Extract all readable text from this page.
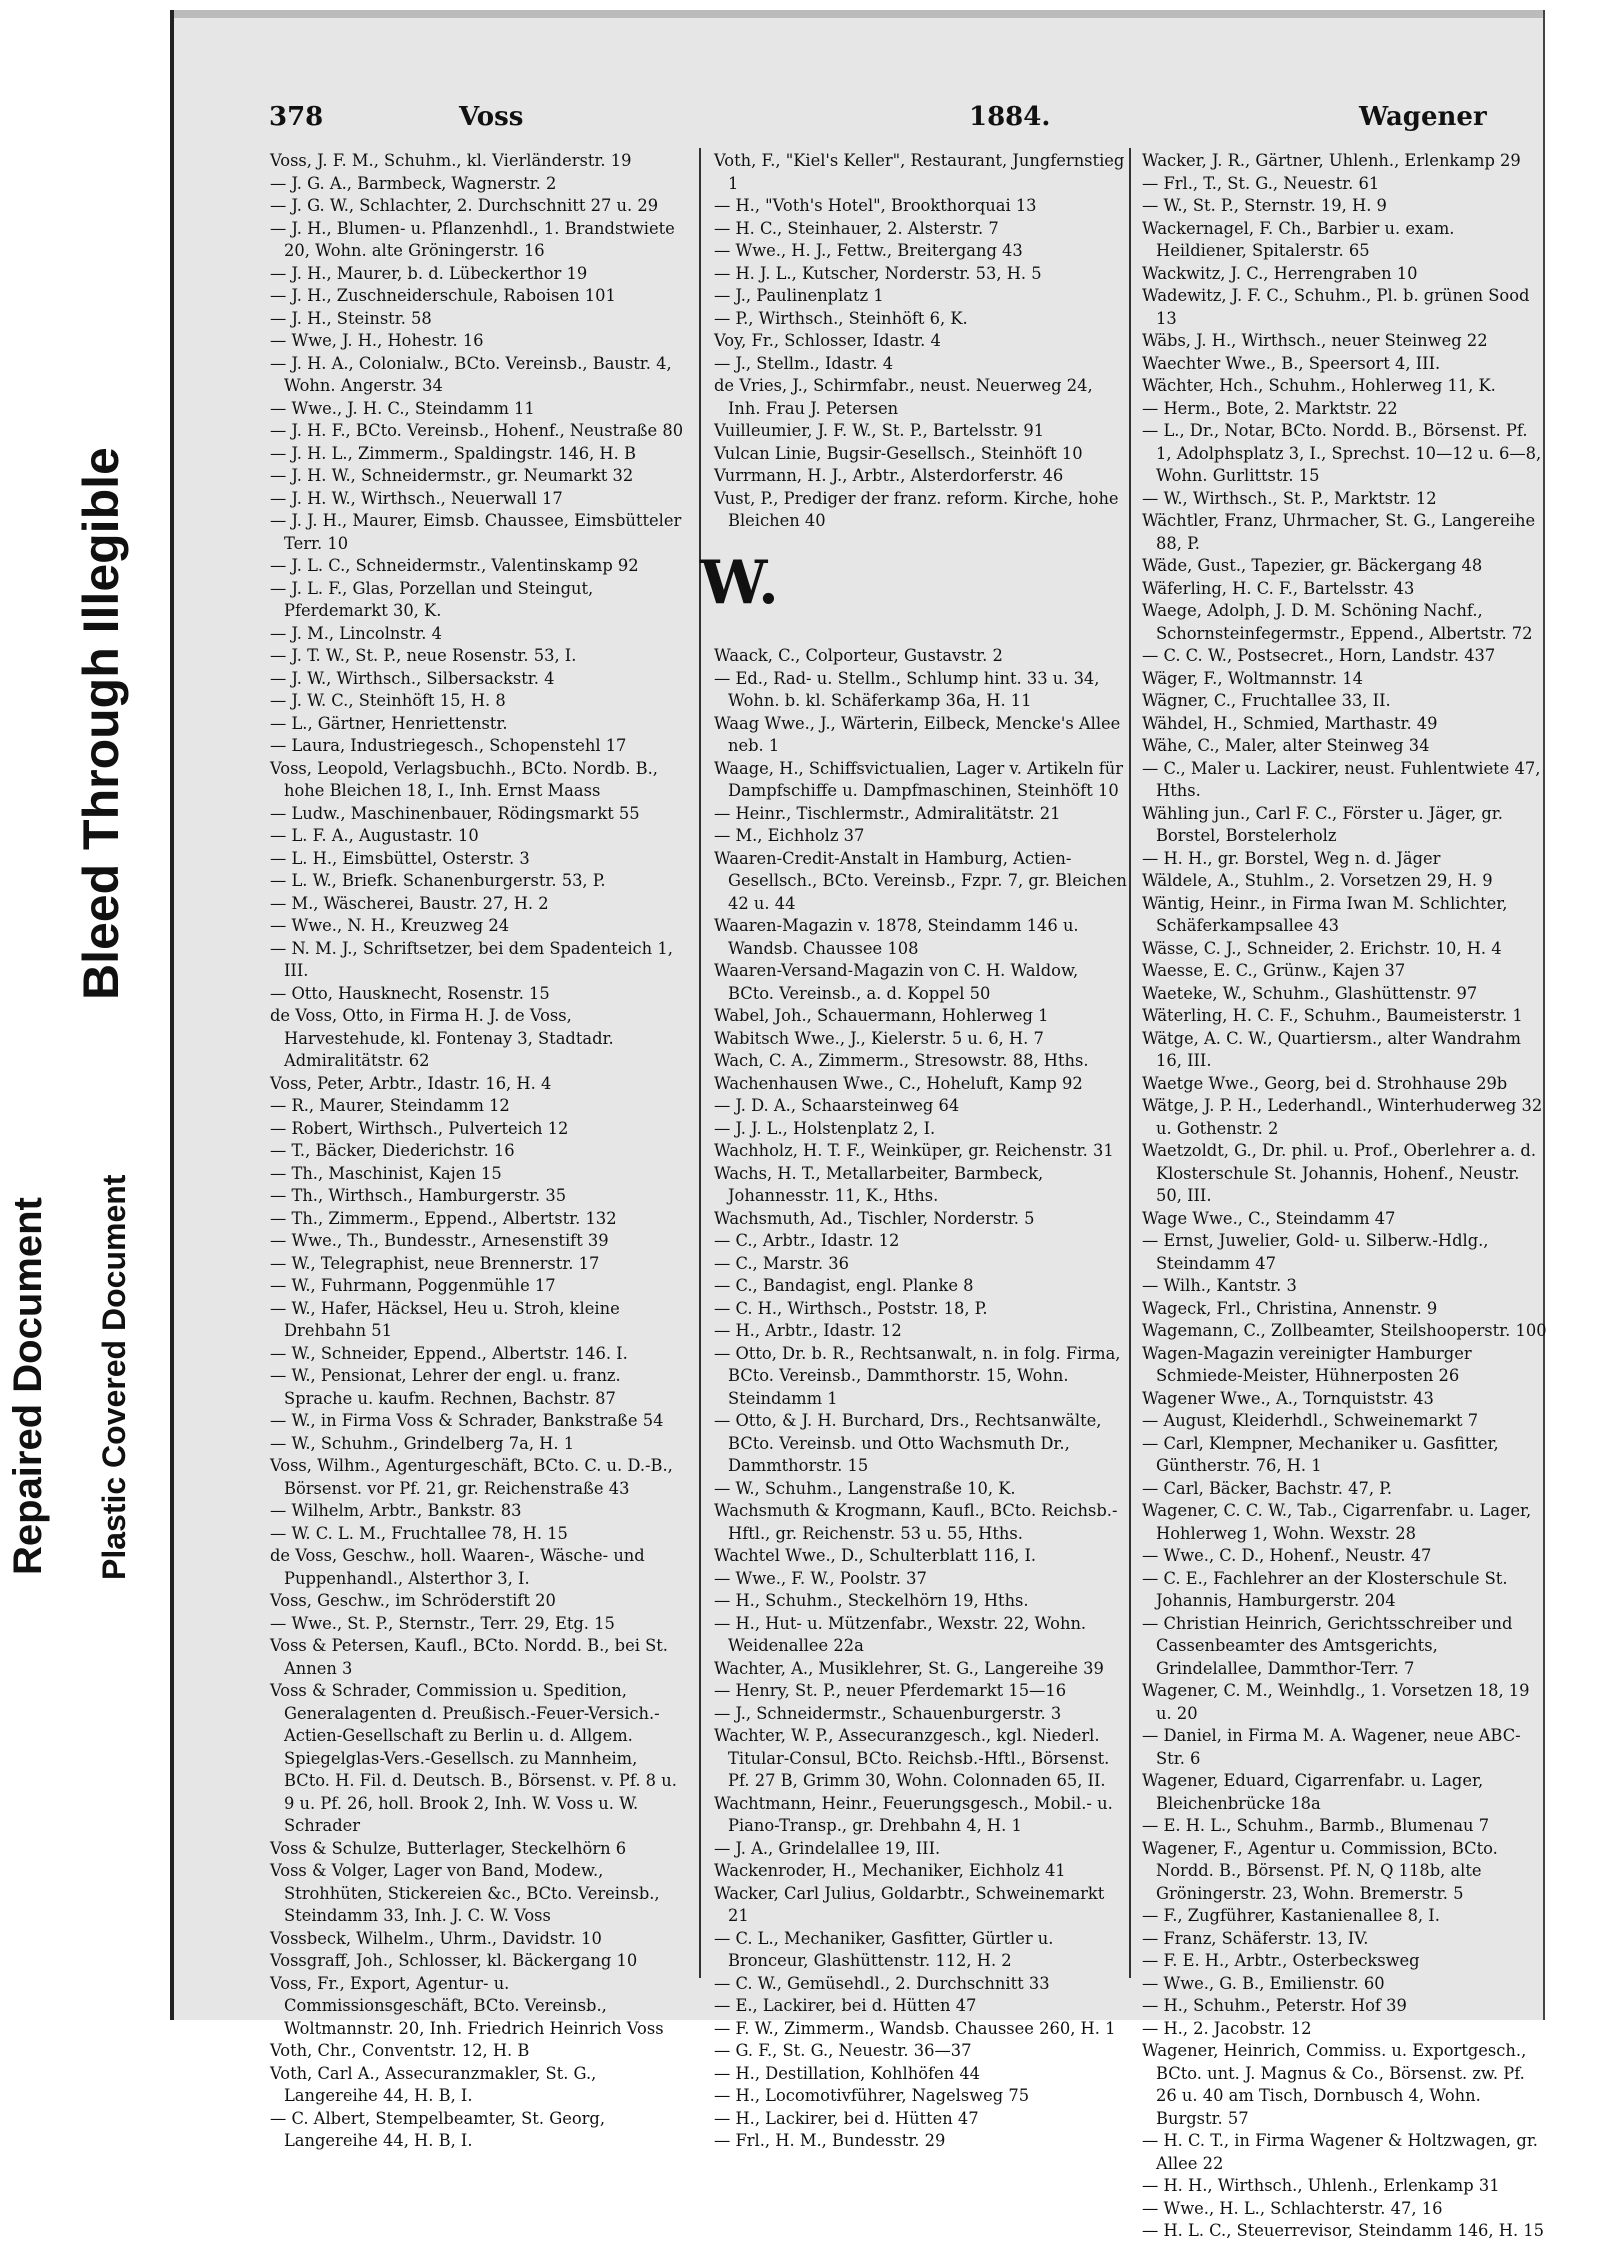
Repaired Document
Bleed Through Illegible
Plastic Covered Document
378	Voss	1884.	Wagener

Voss, J. F. M., Schuhm., kl. Vierländerstr. 19

— J. G. A., Barmbeck, Wagnerstr. 2

— J. G. W., Schlachter, 2. Durchschnitt 27 u. 29

— J. H., Blumen- u. Pflanzenhdl., 1. Brandstwiete 20, Wohn. alte Gröningerstr. 16

— J. H., Maurer, b. d. Lübeckerthor 19

— J. H., Zuschneiderschule, Raboisen 101

— J. H., Steinstr. 58

— Wwe, J. H., Hohestr. 16

— J. H. A., Colonialw., BCto. Vereinsb., Baustr. 4, Wohn. Angerstr. 34

— Wwe., J. H. C., Steindamm 11

— J. H. F., BCto. Vereinsb., Hohenf., Neustraße 80

— J. H. L., Zimmerm., Spaldingstr. 146, H. B

— J. H. W., Schneidermstr., gr. Neumarkt 32

— J. H. W., Wirthsch., Neuerwall 17

— J. J. H., Maurer, Eimsb. Chaussee, Eimsbütteler Terr. 10

— J. L. C., Schneidermstr., Valentinskamp 92

— J. L. F., Glas, Porzellan und Steingut, Pferdemarkt 30, K.

— J. M., Lincolnstr. 4

— J. T. W., St. P., neue Rosenstr. 53, I.

— J. W., Wirthsch., Silbersackstr. 4

— J. W. C., Steinhöft 15, H. 8

— L., Gärtner, Henriettenstr.

— Laura, Industriegesch., Schopenstehl 17

Voss, Leopold, Verlagsbuchh., BCto. Nordb. B., hohe Bleichen 18, I., Inh. Ernst Maass

— Ludw., Maschinenbauer, Rödingsmarkt 55

— L. F. A., Augustastr. 10

— L. H., Eimsbüttel, Osterstr. 3

— L. W., Briefk. Schanenburgerstr. 53, P.

— M., Wäscherei, Baustr. 27, H. 2

— Wwe., N. H., Kreuzweg 24

— N. M. J., Schriftsetzer, bei dem Spadenteich 1, III.

— Otto, Hausknecht, Rosenstr. 15

de Voss, Otto, in Firma H. J. de Voss, Harvestehude, kl. Fontenay 3, Stadtadr. Admiralitätstr. 62

Voss, Peter, Arbtr., Idastr. 16, H. 4

— R., Maurer, Steindamm 12

— Robert, Wirthsch., Pulverteich 12

— T., Bäcker, Diederichstr. 16

— Th., Maschinist, Kajen 15

— Th., Wirthsch., Hamburgerstr. 35

— Th., Zimmerm., Eppend., Albertstr. 132

— Wwe., Th., Bundesstr., Arnesenstift 39

— W., Telegraphist, neue Brennerstr. 17

— W., Fuhrmann, Poggenmühle 17

— W., Hafer, Häcksel, Heu u. Stroh, kleine Drehbahn 51

— W., Schneider, Eppend., Albertstr. 146. I.

— W., Pensionat, Lehrer der engl. u. franz. Sprache u. kaufm. Rechnen, Bachstr. 87

— W., in Firma Voss & Schrader, Bankstraße 54

— W., Schuhm., Grindelberg 7a, H. 1

Voss, Wilhm., Agenturgeschäft, BCto. C. u. D.-B., Börsenst. vor Pf. 21, gr. Reichenstraße 43

— Wilhelm, Arbtr., Bankstr. 83

— W. C. L. M., Fruchtallee 78, H. 15

de Voss, Geschw., holl. Waaren-, Wäsche- und Puppenhandl., Alsterthor 3, I.

Voss, Geschw., im Schröderstift 20

— Wwe., St. P., Sternstr., Terr. 29, Etg. 15

Voss & Petersen, Kaufl., BCto. Nordd. B., bei St. Annen 3

Voss & Schrader, Commission u. Spedition, Generalagenten d. Preußisch.-Feuer-Versich.-Actien-Gesellschaft zu Berlin u. d. Allgem. Spiegelglas-Vers.-Gesellsch. zu Mannheim, BCto. H. Fil. d. Deutsch. B., Börsenst. v. Pf. 8 u. 9 u. Pf. 26, holl. Brook 2, Inh. W. Voss u. W. Schrader

Voss & Schulze, Butterlager, Steckelhörn 6

Voss & Volger, Lager von Band, Modew., Strohhüten, Stickereien &c., BCto. Vereinsb., Steindamm 33, Inh. J. C. W. Voss

Vossbeck, Wilhelm., Uhrm., Davidstr. 10

Vossgraff, Joh., Schlosser, kl. Bäckergang 10

Voss, Fr., Export, Agentur- u. Commissionsgeschäft, BCto. Vereinsb., Woltmannstr. 20, Inh. Friedrich Heinrich Voss

Voth, Chr., Conventstr. 12, H. B

Voth, Carl A., Assecuranzmakler, St. G., Langereihe 44, H. B, I.

— C. Albert, Stempelbeamter, St. Georg, Langereihe 44, H. B, I.

Voth, F., "Kiel's Keller", Restaurant, Jungfernstieg 1

— H., "Voth's Hotel", Brookthorquai 13

— H. C., Steinhauer, 2. Alsterstr. 7

— Wwe., H. J., Fettw., Breitergang 43

— H. J. L., Kutscher, Norderstr. 53, H. 5

— J., Paulinenplatz 1

— P., Wirthsch., Steinhöft 6, K.

Voy, Fr., Schlosser, Idastr. 4

— J., Stellm., Idastr. 4

de Vries, J., Schirmfabr., neust. Neuerweg 24, Inh. Frau J. Petersen

Vuilleumier, J. F. W., St. P., Bartelsstr. 91

Vulcan Linie, Bugsir-Gesellsch., Steinhöft 10

Vurrmann, H. J., Arbtr., Alsterdorferstr. 46

Vust, P., Prediger der franz. reform. Kirche, hohe Bleichen 40

Waack, C., Colporteur, Gustavstr. 2

— Ed., Rad- u. Stellm., Schlump hint. 33 u. 34, Wohn. b. kl. Schäferkamp 36a, H. 11

Waag Wwe., J., Wärterin, Eilbeck, Mencke's Allee neb. 1

Waage, H., Schiffsvictualien, Lager v. Artikeln für Dampfschiffe u. Dampfmaschinen, Steinhöft 10

— Heinr., Tischlermstr., Admiralitätstr. 21

— M., Eichholz 37

Waaren-Credit-Anstalt in Hamburg, Actien-Gesellsch., BCto. Vereinsb., Fzpr. 7, gr. Bleichen 42 u. 44

Waaren-Magazin v. 1878, Steindamm 146 u. Wandsb. Chaussee 108

Waaren-Versand-Magazin von C. H. Waldow, BCto. Vereinsb., a. d. Koppel 50

Wabel, Joh., Schauermann, Hohlerweg 1

Wabitsch Wwe., J., Kielerstr. 5 u. 6, H. 7

Wach, C. A., Zimmerm., Stresowstr. 88, Hths.

Wachenhausen Wwe., C., Hoheluft, Kamp 92

— J. D. A., Schaarsteinweg 64

— J. J. L., Holstenplatz 2, I.

Wachholz, H. T. F., Weinküper, gr. Reichenstr. 31

Wachs, H. T., Metallarbeiter, Barmbeck, Johannesstr. 11, K., Hths.

Wachsmuth, Ad., Tischler, Norderstr. 5

— C., Arbtr., Idastr. 12

— C., Marstr. 36

— C., Bandagist, engl. Planke 8

— C. H., Wirthsch., Poststr. 18, P.

— H., Arbtr., Idastr. 12

— Otto, Dr. b. R., Rechtsanwalt, n. in folg. Firma, BCto. Vereinsb., Dammthorstr. 15, Wohn. Steindamm 1

— Otto, & J. H. Burchard, Drs., Rechtsanwälte, BCto. Vereinsb. und Otto Wachsmuth Dr., Dammthorstr. 15

— W., Schuhm., Langenstraße 10, K.

Wachsmuth & Krogmann, Kaufl., BCto. Reichsb.-Hftl., gr. Reichenstr. 53 u. 55, Hths.

Wachtel Wwe., D., Schulterblatt 116, I.

— Wwe., F. W., Poolstr. 37

— H., Schuhm., Steckelhörn 19, Hths.

— H., Hut- u. Mützenfabr., Wexstr. 22, Wohn. Weidenallee 22a

Wachter, A., Musiklehrer, St. G., Langereihe 39

— Henry, St. P., neuer Pferdemarkt 15—16

— J., Schneidermstr., Schauenburgerstr. 3

Wachter, W. P., Assecuranzgesch., kgl. Niederl. Titular-Consul, BCto. Reichsb.-Hftl., Börsenst. Pf. 27 B, Grimm 30, Wohn. Colonnaden 65, II.

Wachtmann, Heinr., Feuerungsgesch., Mobil.- u. Piano-Transp., gr. Drehbahn 4, H. 1

— J. A., Grindelallee 19, III.

Wackenroder, H., Mechaniker, Eichholz 41

Wacker, Carl Julius, Goldarbtr., Schweinemarkt 21

— C. L., Mechaniker, Gasfitter, Gürtler u. Bronceur, Glashüttenstr. 112, H. 2

— C. W., Gemüsehdl., 2. Durchschnitt 33

— E., Lackirer, bei d. Hütten 47

— F. W., Zimmerm., Wandsb. Chaussee 260, H. 1

— G. F., St. G., Neuestr. 36—37

— H., Destillation, Kohlhöfen 44

— H., Locomotivführer, Nagelsweg 75

— H., Lackirer, bei d. Hütten 47

— Frl., H. M., Bundesstr. 29

Wacker, J. R., Gärtner, Uhlenh., Erlenkamp 29

— Frl., T., St. G., Neuestr. 61

— W., St. P., Sternstr. 19, H. 9

Wackernagel, F. Ch., Barbier u. exam. Heildiener, Spitalerstr. 65

Wackwitz, J. C., Herrengraben 10

Wadewitz, J. F. C., Schuhm., Pl. b. grünen Sood 13

Wäbs, J. H., Wirthsch., neuer Steinweg 22

Waechter Wwe., B., Speersort 4, III.

Wächter, Hch., Schuhm., Hohlerweg 11, K.

— Herm., Bote, 2. Marktstr. 22

— L., Dr., Notar, BCto. Nordd. B., Börsenst. Pf. 1, Adolphsplatz 3, I., Sprechst. 10—12 u. 6—8, Wohn. Gurlittstr. 15

— W., Wirthsch., St. P., Marktstr. 12

Wächtler, Franz, Uhrmacher, St. G., Langereihe 88, P.

Wäde, Gust., Tapezier, gr. Bäckergang 48

Wäferling, H. C. F., Bartelsstr. 43

Waege, Adolph, J. D. M. Schöning Nachf., Schornsteinfegermstr., Eppend., Albertstr. 72

— C. C. W., Postsecret., Horn, Landstr. 437

Wäger, F., Woltmannstr. 14

Wägner, C., Fruchtallee 33, II.

Wähdel, H., Schmied, Marthastr. 49

Wähe, C., Maler, alter Steinweg 34

— C., Maler u. Lackirer, neust. Fuhlentwiete 47, Hths.

Wähling jun., Carl F. C., Förster u. Jäger, gr. Borstel, Borstelerholz

— H. H., gr. Borstel, Weg n. d. Jäger

Wäldele, A., Stuhlm., 2. Vorsetzen 29, H. 9

Wäntig, Heinr., in Firma Iwan M. Schlichter, Schäferkampsallee 43

Wässe, C. J., Schneider, 2. Erichstr. 10, H. 4

Waesse, E. C., Grünw., Kajen 37

Waeteke, W., Schuhm., Glashüttenstr. 97

Wäterling, H. C. F., Schuhm., Baumeisterstr. 1

Wätge, A. C. W., Quartiersm., alter Wandrahm 16, III.

Waetge Wwe., Georg, bei d. Strohhause 29b

Wätge, J. P. H., Lederhandl., Winterhuderweg 32 u. Gothenstr. 2

Waetzoldt, G., Dr. phil. u. Prof., Oberlehrer a. d. Klosterschule St. Johannis, Hohenf., Neustr. 50, III.

Wage Wwe., C., Steindamm 47

— Ernst, Juwelier, Gold- u. Silberw.-Hdlg., Steindamm 47

— Wilh., Kantstr. 3

Wageck, Frl., Christina, Annenstr. 9

Wagemann, C., Zollbeamter, Steilshooperstr. 100

Wagen-Magazin vereinigter Hamburger Schmiede-Meister, Hühnerposten 26

Wagener Wwe., A., Tornquiststr. 43

— August, Kleiderhdl., Schweinemarkt 7

— Carl, Klempner, Mechaniker u. Gasfitter, Güntherstr. 76, H. 1

— Carl, Bäcker, Bachstr. 47, P.

Wagener, C. C. W., Tab., Cigarrenfabr. u. Lager, Hohlerweg 1, Wohn. Wexstr. 28

— Wwe., C. D., Hohenf., Neustr. 47

— C. E., Fachlehrer an der Klosterschule St. Johannis, Hamburgerstr. 204

— Christian Heinrich, Gerichtsschreiber und Cassenbeamter des Amtsgerichts, Grindelallee, Dammthor-Terr. 7

Wagener, C. M., Weinhdlg., 1. Vorsetzen 18, 19 u. 20

— Daniel, in Firma M. A. Wagener, neue ABC-Str. 6

Wagener, Eduard, Cigarrenfabr. u. Lager, Bleichenbrücke 18a

— E. H. L., Schuhm., Barmb., Blumenau 7

Wagener, F., Agentur u. Commission, BCto. Nordd. B., Börsenst. Pf. N, Q 118b, alte Gröningerstr. 23, Wohn. Bremerstr. 5

— F., Zugführer, Kastanienallee 8, I.

— Franz, Schäferstr. 13, IV.

— F. E. H., Arbtr., Osterbecksweg

— Wwe., G. B., Emilienstr. 60

— H., Schuhm., Peterstr. Hof 39

— H., 2. Jacobstr. 12

Wagener, Heinrich, Commiss. u. Exportgesch., BCto. unt. J. Magnus & Co., Börsenst. zw. Pf. 26 u. 40 am Tisch, Dornbusch 4, Wohn. Burgstr. 57

— H. C. T., in Firma Wagener & Holtzwagen, gr. Allee 22

— H. H., Wirthsch., Uhlenh., Erlenkamp 31

— Wwe., H. L., Schlachterstr. 47, 16

— H. L. C., Steuerrevisor, Steindamm 146, H. 15

W.
